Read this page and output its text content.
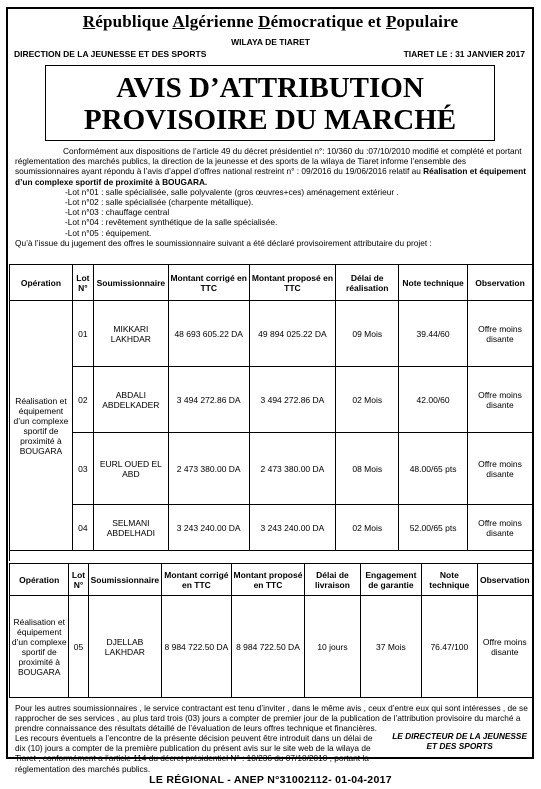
République Algérienne Démocratique et Populaire
WILAYA DE TIARET
DIRECTION DE LA JEUNESSE ET DES SPORTS	TIARET LE : 31 JANVIER 2017
AVIS D’ATTRIBUTION
PROVISOIRE DU MARCHÉ

Conformément aux dispositions de l’article 49 du décret présidentiel n°: 10/360 du :07/10/2010 modifié et complété et portant réglementation des marchés publics, la direction de la jeunesse et des sports de la wilaya de Tiaret informe l’ensemble des soumissionnaires ayant répondu à l’avis d’appel d’offres national restreint n° : 09/2016 du 19/06/2016 relatif au Réalisation et équipement d’un complexe sportif de proximité à BOUGARA.

-Lot n°01 : salle spécialisée, salle polyvalente (gros œuvres+ces) aménagement extérieur .
-Lot n°02 : salle spécialisée (charpente métallique).
-Lot n°03 : chauffage central
-Lot n°04 : revêtement synthétique de la salle spécialisée.
-Lot n°05 : équipement.

Qu’à l’issue du jugement des offres le soumissionnaire suivant a été déclaré provisoirement attributaire du projet :

Opération	Lot N°	Soumissionnaire	Montant corrigé en TTC	Montant proposé en TTC	Délai de réalisation	Note technique	Observation
Réalisation et équipement d’un complexe sportif de proximité à BOUGARA	01	MIKKARI LAKHDAR	48 693 605.22 DA	49 894 025.22 DA	09 Mois	39.44/60	Offre moins disante
	02	ABDALI ABDELKADER	3 494 272.86 DA	3 494 272.86 DA	02 Mois	42.00/60	Offre moins disante
	03	EURL OUED EL ABD	2 473 380.00 DA	2 473 380.00 DA	08 Mois	48.00/65 pts	Offre moins disante
	04	SELMANI ABDELHADI	3 243 240.00 DA	3 243 240.00 DA	02 Mois	52.00/65 pts	Offre moins disante
Opération	Lot N°	Soumissionnaire	Montant corrigé en TTC	Montant proposé en TTC	Délai de livraison	Engagement de garantie	Note technique	Observation
Réalisation et équipement d’un complexe sportif de proximité à BOUGARA	05	DJELLAB LAKHDAR	8 984 722.50 DA	8 984 722.50 DA	10 jours	37 Mois	76.47/100	Offre moins disante

Pour les autres soumissionnaires , le service contractant est tenu d’inviter , dans le même avis , ceux d’entre eux qui sont intéresses , de se rapprocher de ses services , au plus tard trois (03) jours a compter de premier jour de la publication de l’attribution provisoire du marché a prendre connaissance des résultats détaillé de l’évaluation de leurs offres technique et financières.

Les recours éventuels a l’encontre de la présente décision peuvent être introduit dans un délai de dix (10) jours a compter de la première publication du présent avis sur le site web de la wilaya de Tiaret , conformément a l’article 114 du décret présidentiel N° : 10/236 du 07/10/2010 , portant la réglementation des marchés publics.

LE DIRECTEUR DE LA JEUNESSE
ET DES SPORTS
LE RÉGIONAL - ANEP N°31002112- 01-04-2017
